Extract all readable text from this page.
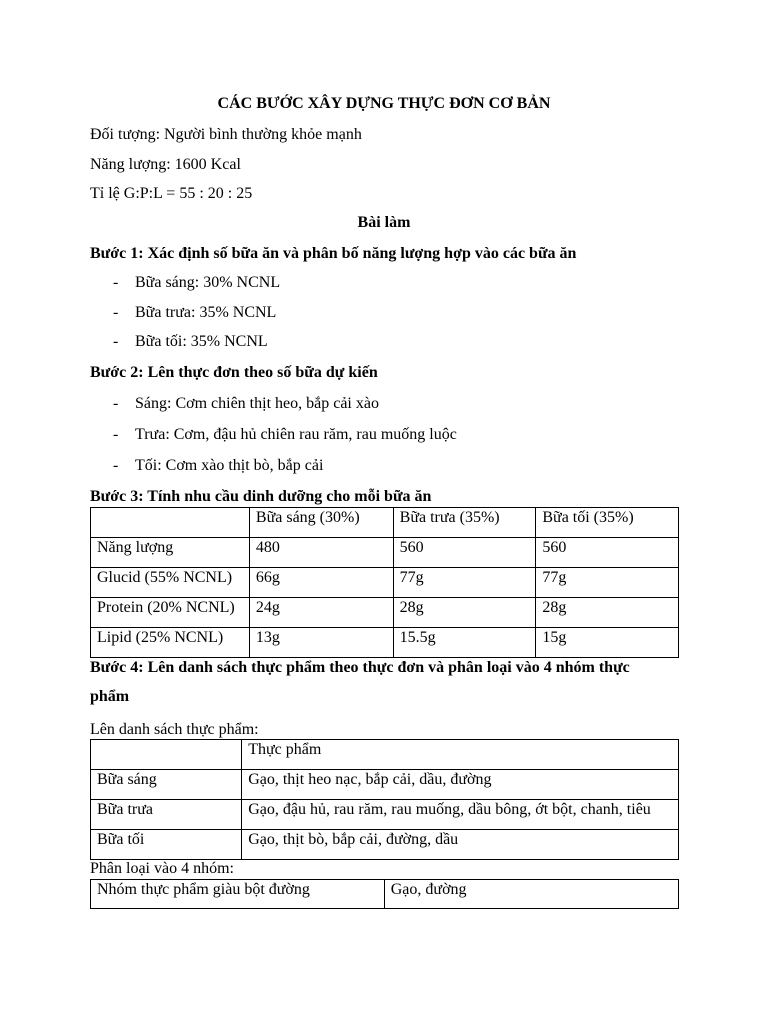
CÁC BƯỚC XÂY DỰNG THỰC ĐƠN CƠ BẢN
Đối tượng: Người bình thường khỏe mạnh
Năng lượng: 1600 Kcal
Tỉ lệ G:P:L = 55 : 20 : 25
Bài làm
Bước 1: Xác định số bữa ăn và phân bố năng lượng hợp vào các bữa ăn
- Bữa sáng: 30% NCNL
- Bữa trưa: 35% NCNL
- Bữa tối: 35% NCNL
Bước 2: Lên thực đơn theo số bữa dự kiến
- Sáng: Cơm chiên thịt heo, bắp cải xào
- Trưa: Cơm, đậu hủ chiên rau răm, rau muống luộc
- Tối: Cơm xào thịt bò, bắp cải
Bước 3: Tính nhu cầu dinh dưỡng cho mỗi bữa ăn
	Bữa sáng (30%)	Bữa trưa (35%)	Bữa tối (35%)
Năng lượng	480	560	560
Glucid (55% NCNL)	66g	77g	77g
Protein (20% NCNL)	24g	28g	28g
Lipid (25% NCNL)	13g	15.5g	15g
Bước 4: Lên danh sách thực phẩm theo thực đơn và phân loại vào 4 nhóm thực
phẩm
Lên danh sách thực phẩm:
	Thực phẩm
Bữa sáng	Gạo, thịt heo nạc, bắp cải, dầu, đường
Bữa trưa	Gạo, đậu hủ, rau răm, rau muống, dầu bông, ớt bột, chanh, tiêu
Bữa tối	Gạo, thịt bò, bắp cải, đường, dầu
Phân loại vào 4 nhóm:
Nhóm thực phẩm giàu bột đường	Gạo, đường
